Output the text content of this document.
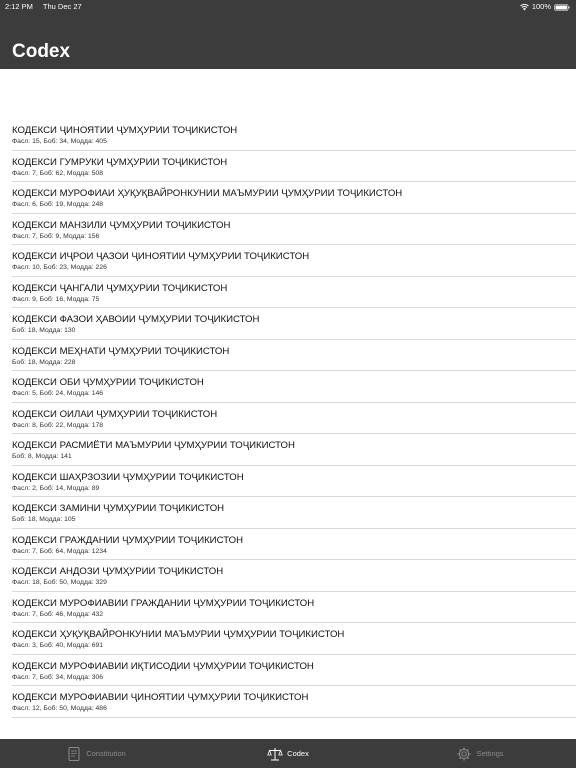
2:12 PM Thu Dec 27	100%
Codex
КОДЕКСИ ҶИНОЯТИИ ҶУМҲУРИИ ТОҶИКИСТОН
Фасл: 15, Боб: 34, Модда: 405
КОДЕКСИ ГУМРУКИ ҶУМҲУРИИ ТОҶИКИСТОН
Фасл: 7, Боб: 62, Модда: 508
КОДЕКСИ МУРОФИАИ ҲУҚУҚВАЙРОНКУНИИ МАЪМУРИИ ҶУМҲУРИИ ТОҶИКИСТОН
Фасл: 6, Боб: 19, Модда: 248
КОДЕКСИ МАНЗИЛИ ҶУМҲУРИИ ТОҶИКИСТОН
Фасл: 7, Боб: 9, Модда: 156
КОДЕКСИ ИҶРОИ ҶАЗОИ ҶИНОЯТИИ ҶУМҲУРИИ ТОҶИКИСТОН
Фасл: 10, Боб: 23, Модда: 226
КОДЕКСИ ҶАНГАЛИ ҶУМҲУРИИ ТОҶИКИСТОН
Фасл: 9, Боб: 16, Модда: 75
КОДЕКСИ ФАЗОИ ҲАВОИИ ҶУМҲУРИИ ТОҶИКИСТОН
Боб: 18, Модда: 130
КОДЕКСИ МЕҲНАТИ ҶУМҲУРИИ ТОҶИКИСТОН
Боб: 18, Модда: 228
КОДЕКСИ ОБИ ҶУМҲУРИИ ТОҶИКИСТОН
Фасл: 5, Боб: 24, Модда: 146
КОДЕКСИ ОИЛАИ ҶУМҲУРИИ ТОҶИКИСТОН
Фасл: 8, Боб: 22, Модда: 178
КОДЕКСИ РАСМИЁТИ МАЪМУРИИ ҶУМҲУРИИ ТОҶИКИСТОН
Боб: 8, Модда: 141
КОДЕКСИ ШАҲРЗОЗИИ ҶУМҲУРИИ ТОҶИКИСТОН
Фасл: 2, Боб: 14, Модда: 89
КОДЕКСИ ЗАМИНИ ҶУМҲУРИИ ТОҶИКИСТОН
Боб: 18, Модда: 105
КОДЕКСИ ГРАЖДАНИИ ҶУМҲУРИИ ТОҶИКИСТОН
Фасл: 7, Боб: 64, Модда: 1234
КОДЕКСИ АНДОЗИ ҶУМҲУРИИ ТОҶИКИСТОН
Фасл: 18, Боб: 50, Модда: 329
КОДЕКСИ МУРОФИАВИИ ГРАЖДАНИИ ҶУМҲУРИИ ТОҶИКИСТОН
Фасл: 7, Боб: 46, Модда: 432
КОДЕКСИ ҲУҚУҚВАЙРОНКУНИИ МАЪМУРИИ ҶУМҲУРИИ ТОҶИКИСТОН
Фасл: 3, Боб: 40, Модда: 691
КОДЕКСИ МУРОФИАВИИ ИҚТИСОДИИ ҶУМҲУРИИ ТОҶИКИСТОН
Фасл: 7, Боб: 34, Модда: 306
КОДЕКСИ МУРОФИАВИИ ҶИНОЯТИИ ҶУМҲУРИИ ТОҶИКИСТОН
Фасл: 12, Боб: 50, Модда: 486
Constitution	Codex	Settings
